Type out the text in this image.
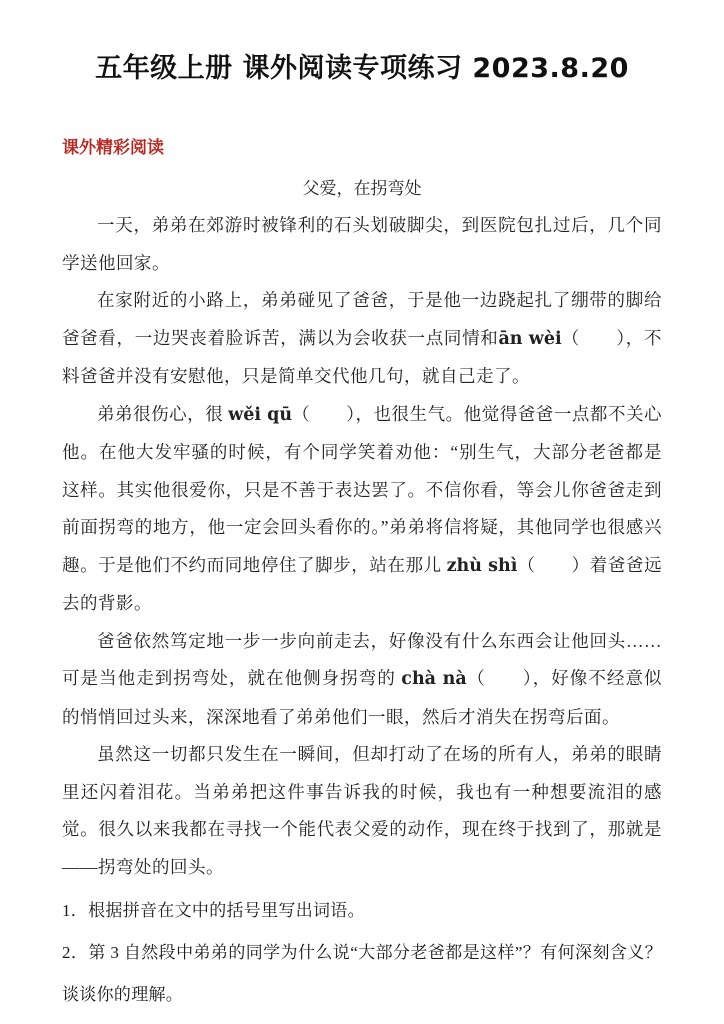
五年级上册 课外阅读专项练习 2023.8.20
课外精彩阅读
父爱，在拐弯处

一天，弟弟在郊游时被锋利的石头划破脚尖，到医院包扎过后，几个同学送他回家。

在家附近的小路上，弟弟碰见了爸爸，于是他一边跷起扎了绷带的脚给爸爸看，一边哭丧着脸诉苦，满以为会收获一点同情和ān wèi（　　），不料爸爸并没有安慰他，只是简单交代他几句，就自己走了。

弟弟很伤心，很 wěi qū（　　），也很生气。他觉得爸爸一点都不关心他。在他大发牢骚的时候，有个同学笑着劝他：“别生气，大部分老爸都是这样。其实他很爱你，只是不善于表达罢了。不信你看，等会儿你爸爸走到前面拐弯的地方，他一定会回头看你的。”弟弟将信将疑，其他同学也很感兴趣。于是他们不约而同地停住了脚步，站在那儿 zhù shì（　　）着爸爸远去的背影。

爸爸依然笃定地一步一步向前走去，好像没有什么东西会让他回头……可是当他走到拐弯处，就在他侧身拐弯的 chà nà（　　），好像不经意似的悄悄回过头来，深深地看了弟弟他们一眼，然后才消失在拐弯后面。

虽然这一切都只发生在一瞬间，但却打动了在场的所有人，弟弟的眼睛里还闪着泪花。当弟弟把这件事告诉我的时候，我也有一种想要流泪的感觉。很久以来我都在寻找一个能代表父爱的动作，现在终于找到了，那就是——拐弯处的回头。

1．根据拼音在文中的括号里写出词语。

2．第 3 自然段中弟弟的同学为什么说“大部分老爸都是这样”？有何深刻含义？谈谈你的理解。
